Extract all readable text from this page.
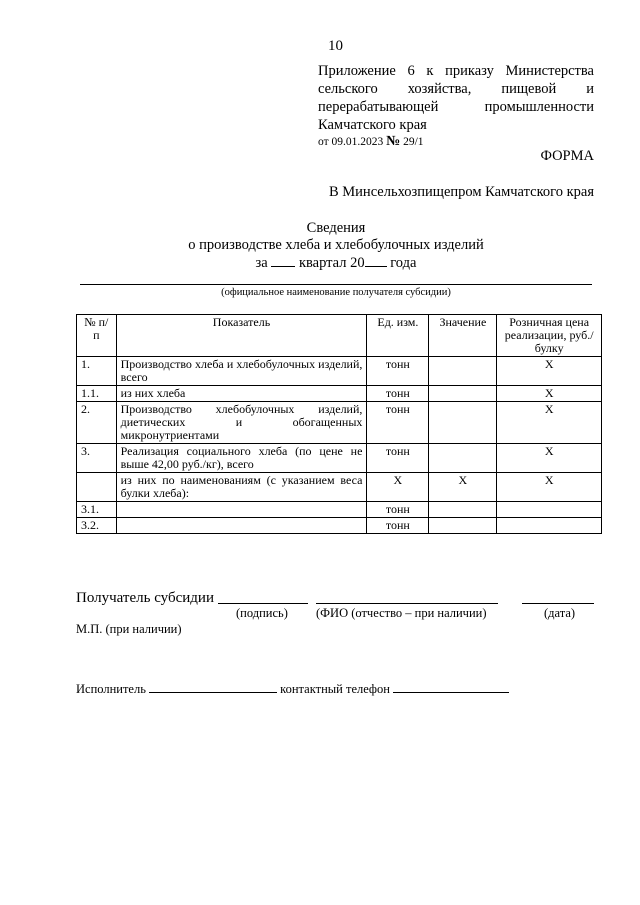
10
Приложение 6 к приказу Министерства
сельского хозяйства, пищевой и
перерабатывающей промышленности
Камчатского края
от 09.01.2023 № 29/1
ФОРМА
В Минсельхозпищепром Камчатского края
Сведения
о производстве хлеба и хлебобулочных изделий
за квартал 20 года
(официальное наименование получателя субсидии)
№ п/п	Показатель	Ед. изм.	Значение	Розничная цена реализации, руб./булку
1.	Производство хлеба и хлебобулочных изделий, всего	тонн		X
1.1.	из них хлеба	тонн		X
2.	Производство хлебобулочных изделий, диетических и обогащенных микронутриентами	тонн		X
3.	Реализация социального хлеба (по цене не выше 42,00 руб./кг), всего	тонн		X
	из них по наименованиям (с указанием веса булки хлеба):	X	X	X
3.1.		тонн		
3.2.		тонн		
Получатель субсидии
(подпись) (ФИО (отчество – при наличии)	(дата)
М.П. (при наличии)
Исполнитель	контактный телефон
